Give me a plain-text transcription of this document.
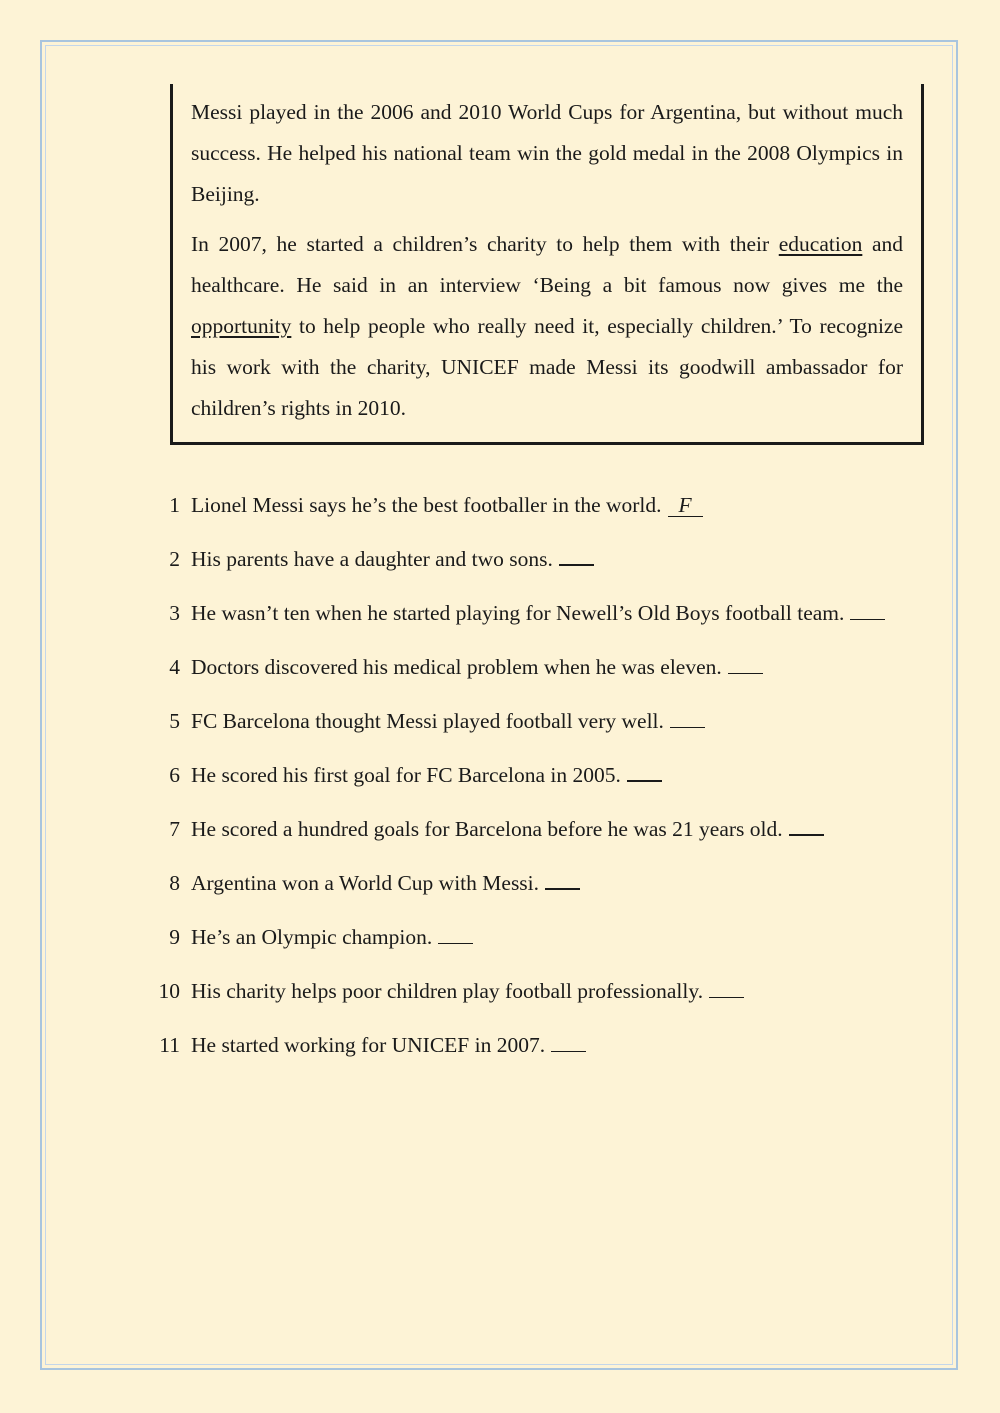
Messi played in the 2006 and 2010 World Cups for Argentina, but without much success. He helped his national team win the gold medal in the 2008 Olympics in Beijing.

In 2007, he started a children’s charity to help them with their education and healthcare. He said in an interview ‘Being a bit famous now gives me the opportunity to help people who really need it, especially children.’ To recognize his work with the charity, UNICEF made Messi its goodwill ambassador for children’s rights in 2010.

1 Lionel Messi says he’s the best footballer in the world. F
2 His parents have a daughter and two sons.
3 He wasn’t ten when he started playing for Newell’s Old Boys football team.
4 Doctors discovered his medical problem when he was eleven.
5 FC Barcelona thought Messi played football very well.
6 He scored his first goal for FC Barcelona in 2005.
7 He scored a hundred goals for Barcelona before he was 21 years old.
8 Argentina won a World Cup with Messi.
9 He’s an Olympic champion.
10 His charity helps poor children play football professionally.
11 He started working for UNICEF in 2007.
